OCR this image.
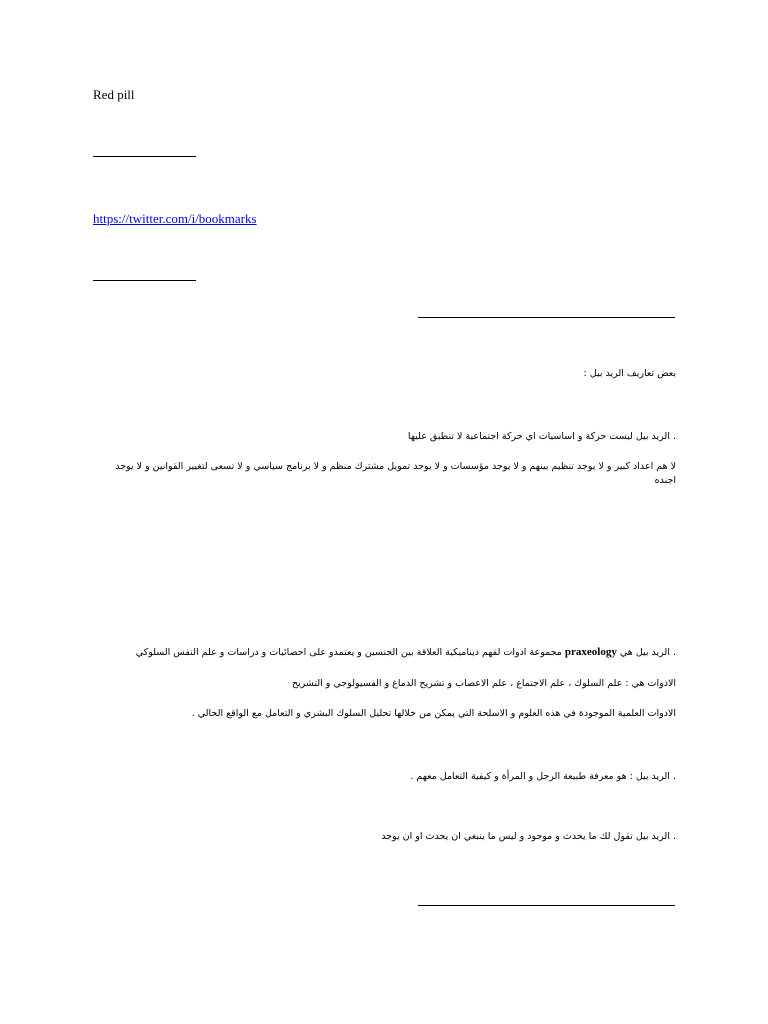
Red pill
https://twitter.com/i/bookmarks
بعض تعاريف الريد بيل :
. الريد بيل ليست حركة و اساسيات اي حركة اجتماعية لا تنطبق عليها
لا هم اعداد كبير و لا يوجد تنظيم بينهم و لا يوجد مؤسسات و لا يوجد تمويل مشترك منظم و لا برنامج سياسي و لا تسعى لتغيير القوانين و لا يوجد اجنده
. الريد بيل هي praxeology مجموعة ادوات لفهم ديناميكية العلاقة بين الجنسين و يعتمدو على احصائيات و دراسات و علم النفس السلوكي
الادوات هي : علم السلوك ، علم الاجتماع ، علم الاعصاب و تشريح الدماغ و الفسيولوجي و التشريح
الادوات العلمية الموجودة في هذه العلوم و الاسلحة التي يمكن من خلالها تحليل السلوك البشري و التعامل مع الواقع الحالي .
. الريد بيل : هو معرفة طبيعة الرجل و المرأة و كيفية التعامل معهم .
. الريد بيل تقول لك ما يحدث و موجود و ليس ما ينبغي ان يحدث او ان يوجد
